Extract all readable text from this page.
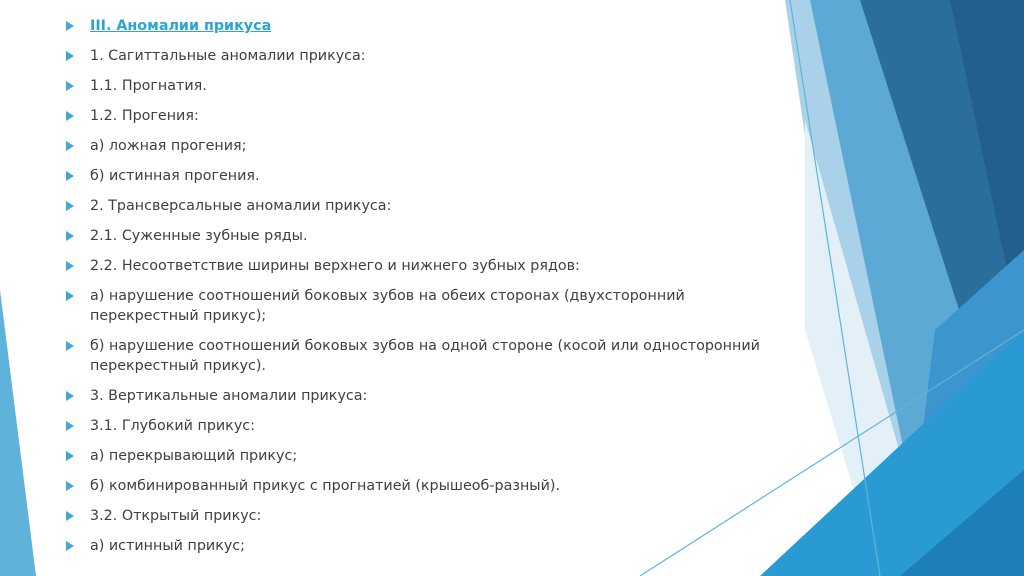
III. Аномалии прикуса
1. Сагиттальные аномалии прикуса:
1.1. Прогнатия.
1.2. Прогения:
а) ложная прогения;
б) истинная прогения.
2. Трансверсальные аномалии прикуса:
2.1. Суженные зубные ряды.
2.2. Несоответствие ширины верхнего и нижнего зубных рядов:
а) нарушение соотношений боковых зубов на обеих сторонах (двухсторонний перекрестный прикус);
б) нарушение соотношений боковых зубов на одной стороне (косой или односторонний перекрестный прикус).
3. Вертикальные аномалии прикуса:
3.1. Глубокий прикус:
а) перекрывающий прикус;
б) комбинированный прикус с прогнатией (крышеоб-разный).
3.2. Открытый прикус:
а) истинный прикус;
